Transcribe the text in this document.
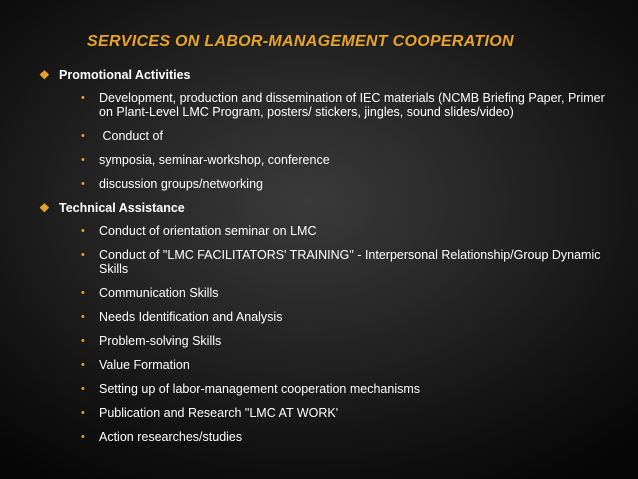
SERVICES ON LABOR-MANAGEMENT COOPERATION
❖ Promotional Activities
•	Development, production and dissemination of IEC materials (NCMB Briefing Paper, Primer on Plant-Level LMC Program, posters/ stickers, jingles, sound slides/video)
•	Conduct of
•	symposia, seminar-workshop, conference
•	discussion groups/networking
❖ Technical Assistance
•	Conduct of orientation seminar on LMC
•	Conduct of "LMC FACILITATORS' TRAINING" - Interpersonal Relationship/Group Dynamic Skills
•	Communication Skills
•	Needs Identification and Analysis
•	Problem-solving Skills
•	Value Formation
•	Setting up of labor-management cooperation mechanisms
•	Publication and Research "LMC AT WORK'
•	Action researches/studies
